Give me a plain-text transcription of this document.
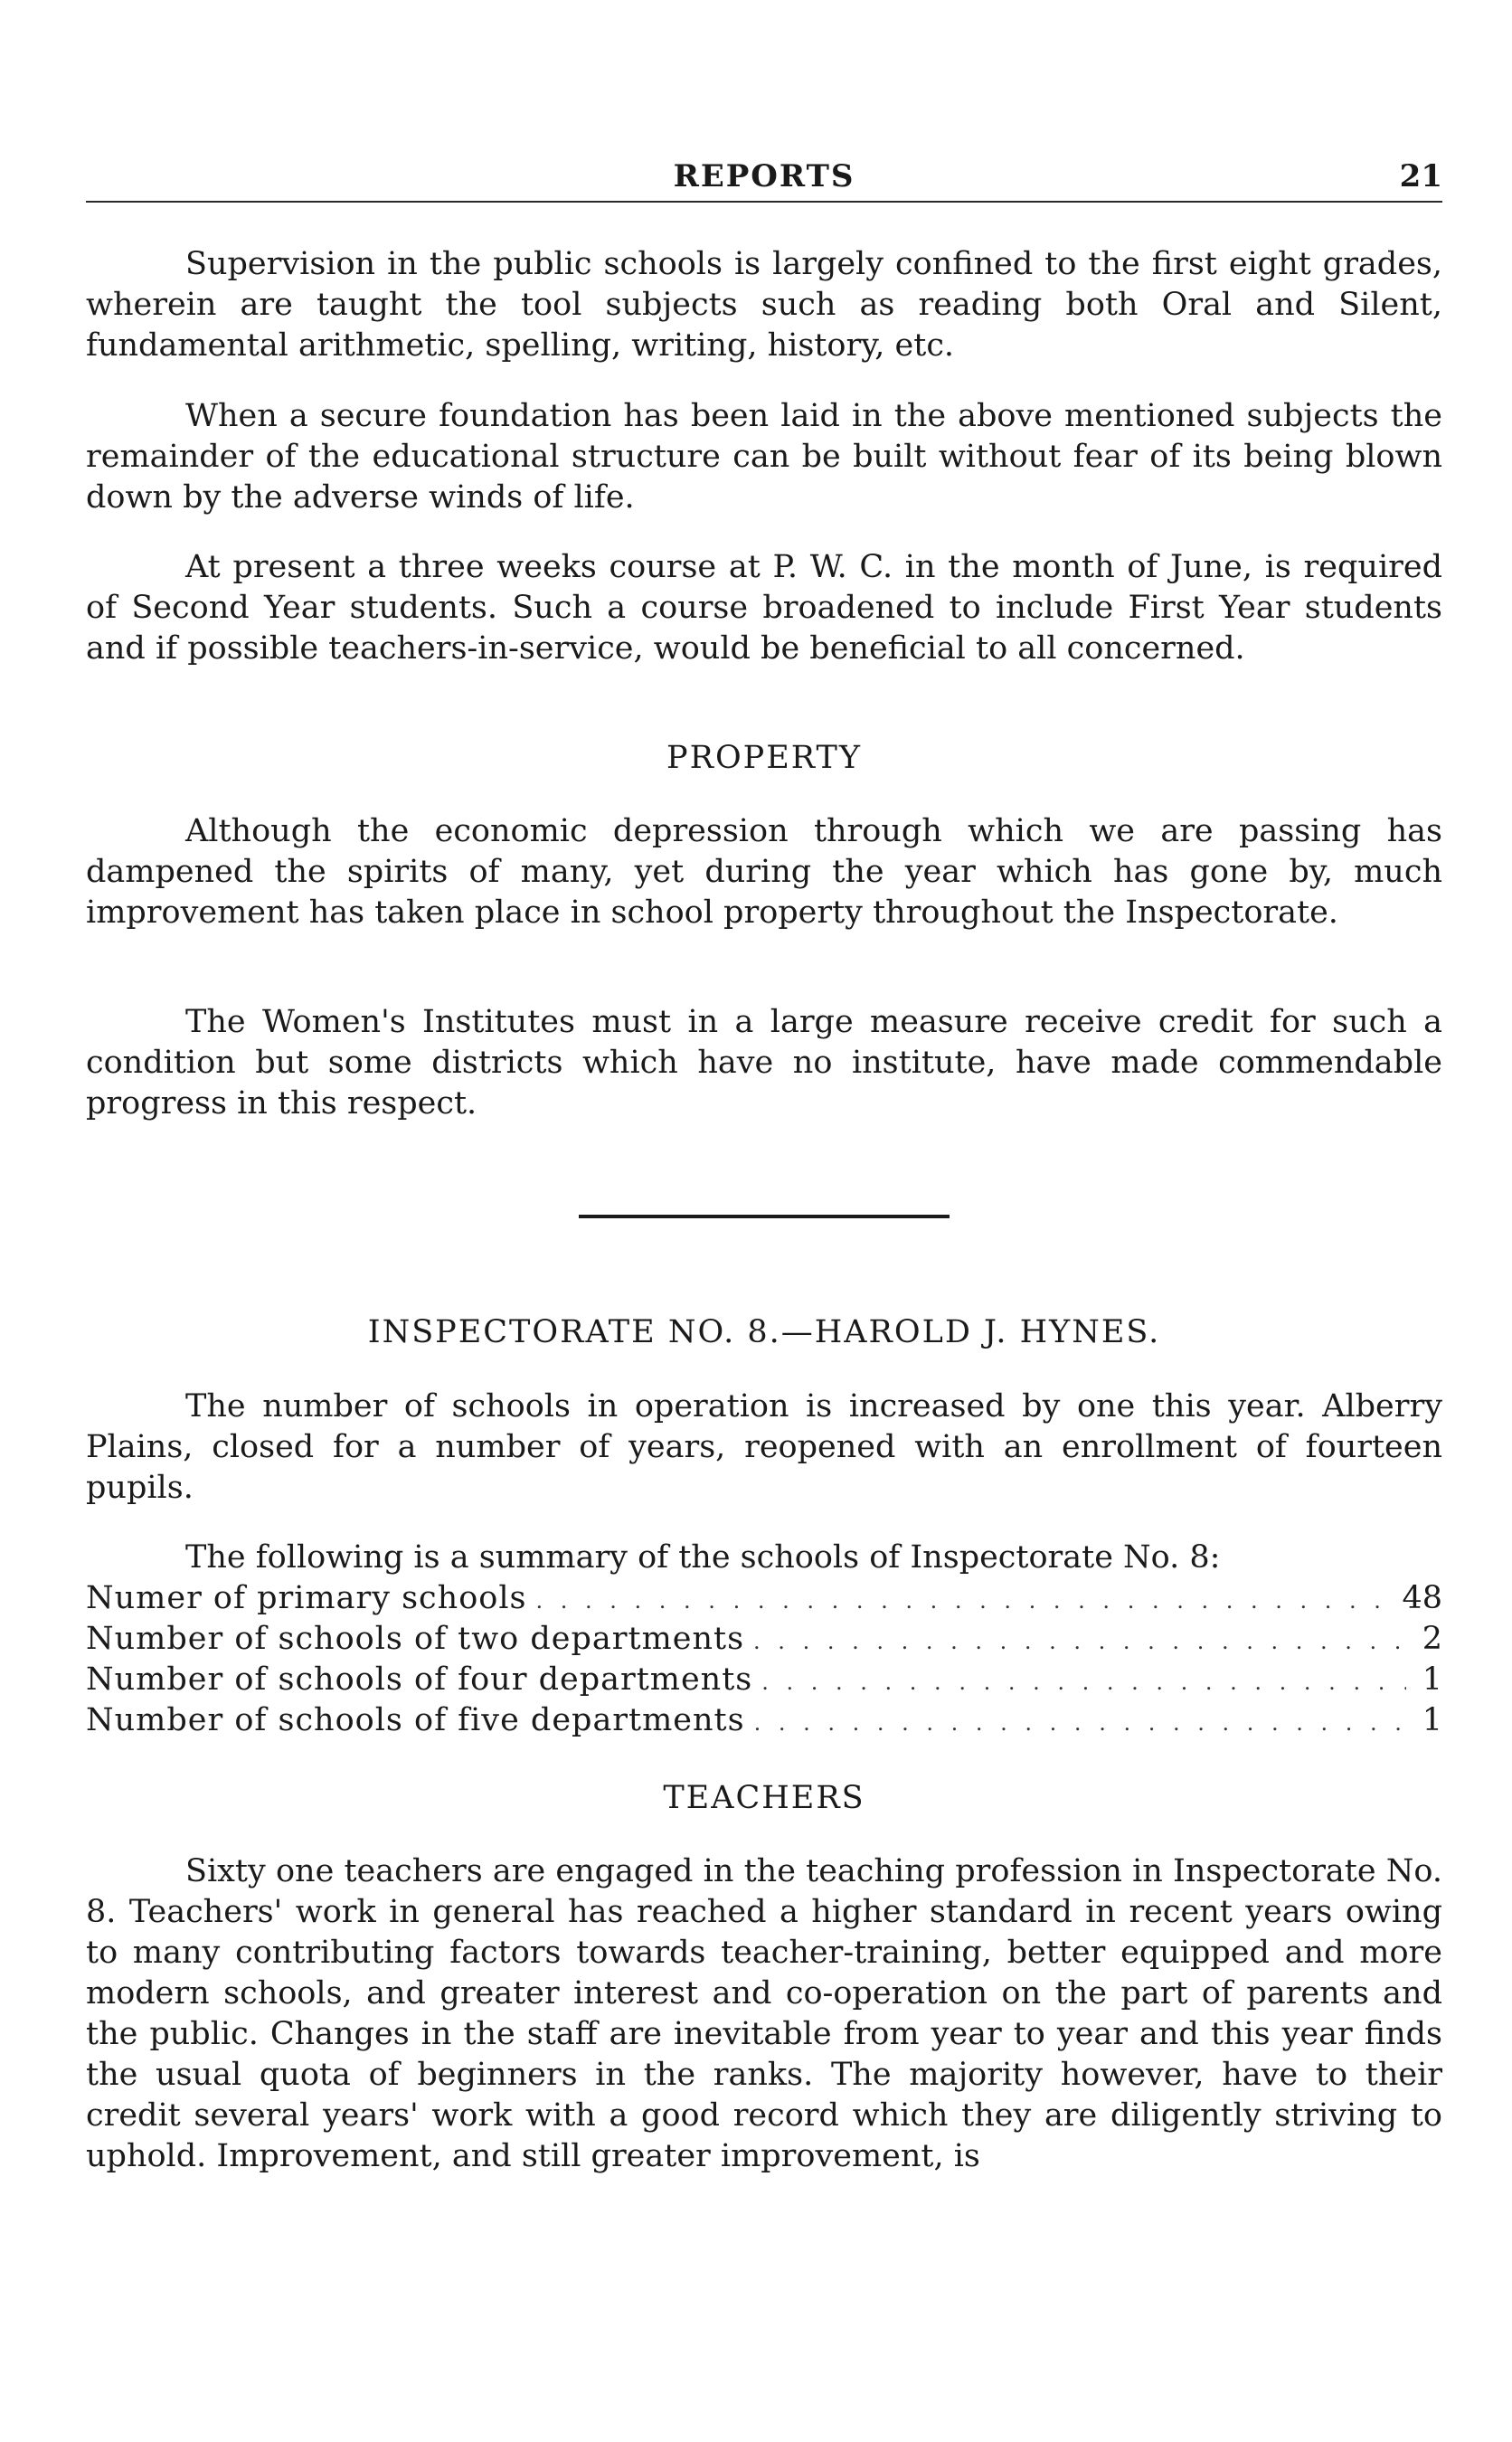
REPORTS	21

Supervision in the public schools is largely confined to the first eight grades, wherein are taught the tool subjects such as reading both Oral and Silent, fundamental arithmetic, spelling, writing, history, etc.

When a secure foundation has been laid in the above mentioned subjects the remainder of the educational structure can be built without fear of its being blown down by the adverse winds of life.

At present a three weeks course at P. W. C. in the month of June, is required of Second Year students. Such a course broadened to include First Year students and if possible teachers-in-service, would be beneficial to all concerned.

PROPERTY

Although the economic depression through which we are passing has dampened the spirits of many, yet during the year which has gone by, much improvement has taken place in school property throughout the Inspectorate.

The Women's Institutes must in a large measure receive credit for such a condition but some districts which have no institute, have made commendable progress in this respect.

INSPECTORATE NO. 8.—HAROLD J. HYNES.

The number of schools in operation is increased by one this year. Alberry Plains, closed for a number of years, reopened with an enrollment of fourteen pupils.

The following is a summary of the schools of Inspectorate No. 8:

Numer of primary schools . . .	48
Number of schools of two departments . . .	2
Number of schools of four departments . . .	1
Number of schools of five departments . . .	1
TEACHERS

Sixty one teachers are engaged in the teaching profession in Inspectorate No. 8. Teachers' work in general has reached a higher standard in recent years owing to many contributing factors towards teacher-training, better equipped and more modern schools, and greater interest and co-operation on the part of parents and the public. Changes in the staff are inevitable from year to year and this year finds the usual quota of beginners in the ranks. The majority however, have to their credit several years' work with a good record which they are diligently striving to uphold. Improvement, and still greater improvement, is
